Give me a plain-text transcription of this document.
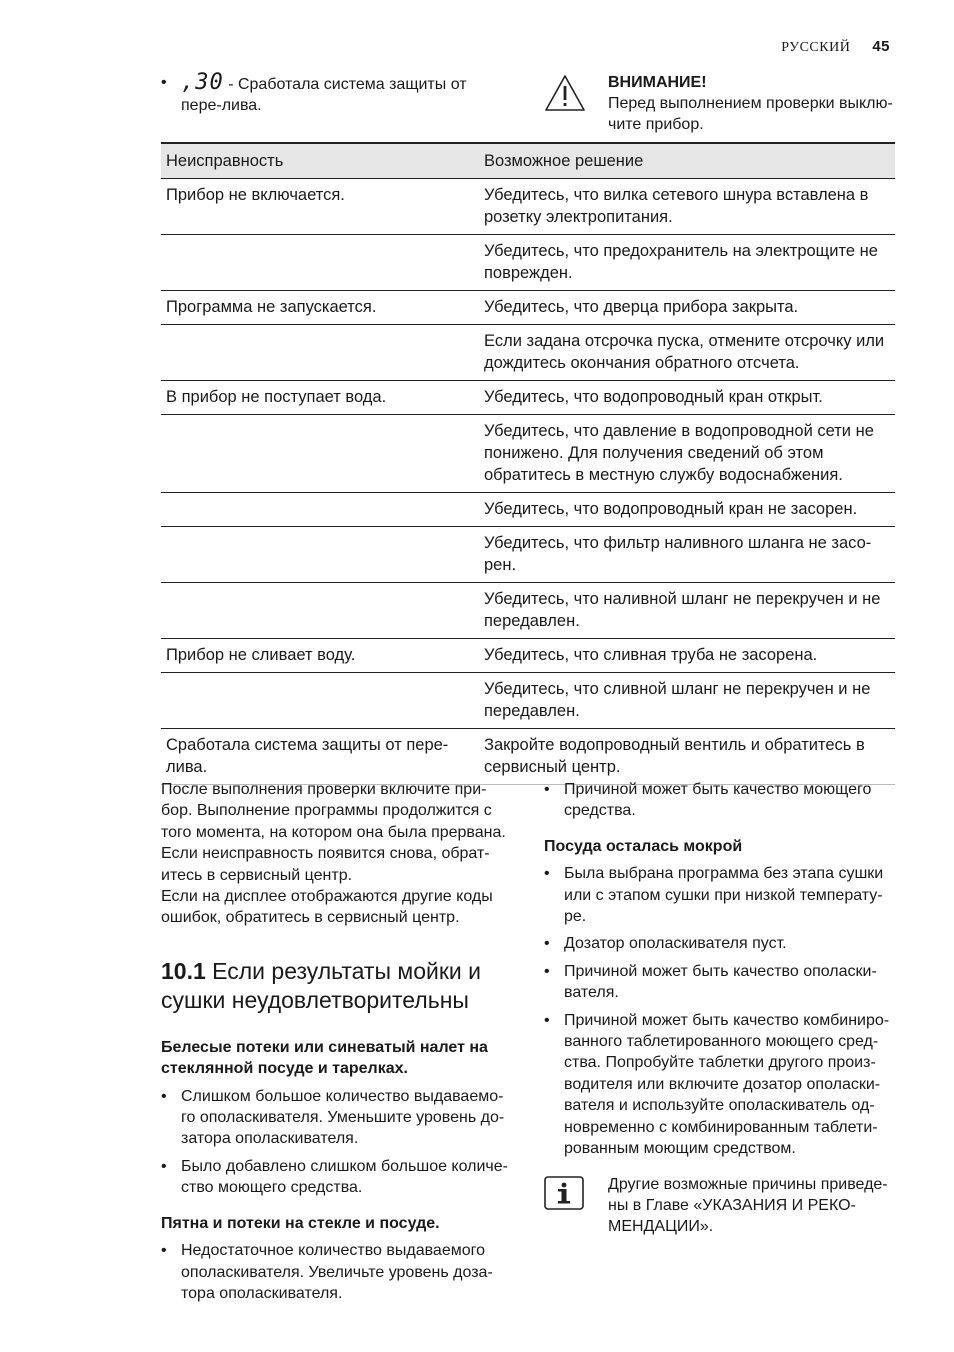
РУССКИЙ 45
• ,30 - Сработала система защиты от пере-лива.
ВНИМАНИЕ!
Перед выполнением проверки выклю-чите прибор.
Неисправность	Возможное решение
Прибор не включается.	Убедитесь, что вилка сетевого шнура вставлена в розетку электропитания.
	Убедитесь, что предохранитель на электрощите не поврежден.
Программа не запускается.	Убедитесь, что дверца прибора закрыта.
	Если задана отсрочка пуска, отмените отсрочку или дождитесь окончания обратного отсчета.
В прибор не поступает вода.	Убедитесь, что водопроводный кран открыт.
	Убедитесь, что давление в водопроводной сети не понижено. Для получения сведений об этом обратитесь в местную службу водоснабжения.
	Убедитесь, что водопроводный кран не засорен.
	Убедитесь, что фильтр наливного шланга не засо-рен.
	Убедитесь, что наливной шланг не перекручен и не передавлен.
Прибор не сливает воду.	Убедитесь, что сливная труба не засорена.
	Убедитесь, что сливной шланг не перекручен и не передавлен.
Сработала система защиты от пере-лива.	Закройте водопроводный вентиль и обратитесь в сервисный центр.
После выполнения проверки включите при-бор. Выполнение программы продолжится с того момента, на котором она была прервана. Если неисправность появится снова, обрат-итесь в сервисный центр.
Если на дисплее отображаются другие коды ошибок, обратитесь в сервисный центр.
10.1 Если результаты мойки и сушки неудовлетворительны
Белесые потеки или синеватый налет на стеклянной посуде и тарелках.
• Слишком большое количество выдаваемо-го ополаскивателя. Уменьшите уровень до-затора ополаскивателя.
• Было добавлено слишком большое количе-ство моющего средства.
Пятна и потеки на стекле и посуде.
• Недостаточное количество выдаваемого ополаскивателя. Увеличьте уровень доза-тора ополаскивателя.
• Причиной может быть качество моющего средства.
Посуда осталась мокрой
• Была выбрана программа без этапа сушки или с этапом сушки при низкой температу-ре.
• Дозатор ополаскивателя пуст.
• Причиной может быть качество ополаски-вателя.
• Причиной может быть качество комбиниро-ванного таблетированного моющего сред-ства. Попробуйте таблетки другого произ-водителя или включите дозатор ополаски-вателя и используйте ополаскиватель од-новременно с комбинированным таблети-рованным моющим средством.
Другие возможные причины приведе-ны в Главе «УКАЗАНИЯ И РЕКО-МЕНДАЦИИ».
